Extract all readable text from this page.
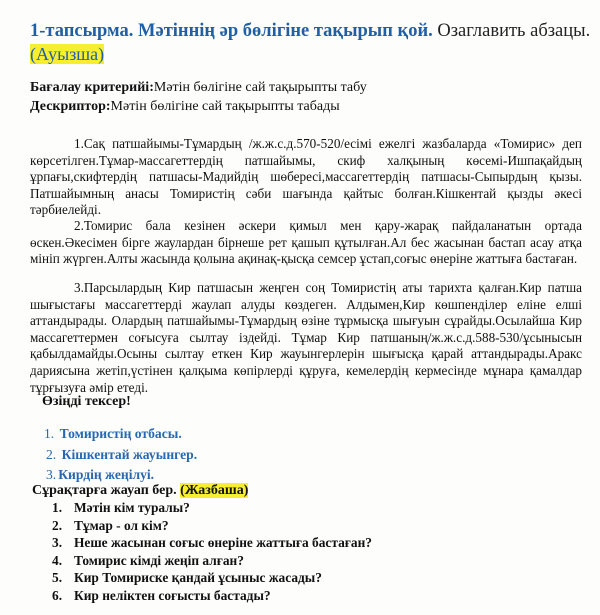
1-тапсырма. Мәтіннің әр бөлігіне тақырып қой. Озаглавить абзацы.
(Ауызша)
Бағалау критерийі:Мәтін бөлігіне сай тақырыпты табу
Дескриптор:Мәтін бөлігіне сай тақырыпты табады
1.Сақ патшайымы-Тұмардың /ж.ж.с.д.570-520/есімі ежелгі жазбаларда «Томирис» деп көрсетілген.Тұмар-массагеттердің патшайымы, скиф халқының көсемі-Ишпақайдың ұрпағы,скифтердің патшасы-Мадийдің шөбересі,массагеттердің патшасы-Сыпырдың қызы. Патшайымның анасы Томиристің сәби шағында қайтыс болған.Кішкентай қызды әкесі тәрбиелейді.
2.Томирис бала кезінен әскери қимыл мен қару-жарақ пайдаланатын ортада өскен.Әкесімен бірге жаулардан бірнеше рет қашып құтылған.Ал бес жасынан бастап асау атқа мініп жүрген.Алты жасында қолына ақинақ-қысқа семсер ұстап,соғыс өнеріне жаттыға бастаған.
3.Парсылардың Кир патшасын жеңген соң Томиристің аты тарихта қалған.Кир патша шығыстағы массагеттерді жаулап алуды көздеген. Алдымен,Кир көшпенділер еліне елші аттандырады. Олардың патшайымы-Тұмардың өзіне тұрмысқа шығуын сұрайды.Осылайша Кир массагеттермен соғысуға сылтау іздейді. Тұмар Кир патшаның/ж.ж.с.д.588-530/ұсынысын қабылдамайды.Осыны сылтау еткен Кир жауынгерлерін шығысқа қарай аттандырады.Аракс дариясына жетіп,үстінен қалқыма көпірлерді құруға, кемелердің кермесінде мұнара қамалдар тұрғызуға әмір етеді.
Өзіңді тексер!
1. Томиристің отбасы.
2. Кішкентай жауынгер.
3. Кирдің жеңілуі.
Сұрақтарға жауап бер. (Жазбаша)
1. Мәтін кім туралы?
2. Тұмар - ол кім?
3. Неше жасынан соғыс өнеріне жаттыға бастаған?
4. Томирис кімді жеңіп алған?
5. Кир Томириске қандай ұсыныс жасады?
6. Кир неліктен соғысты бастады?
